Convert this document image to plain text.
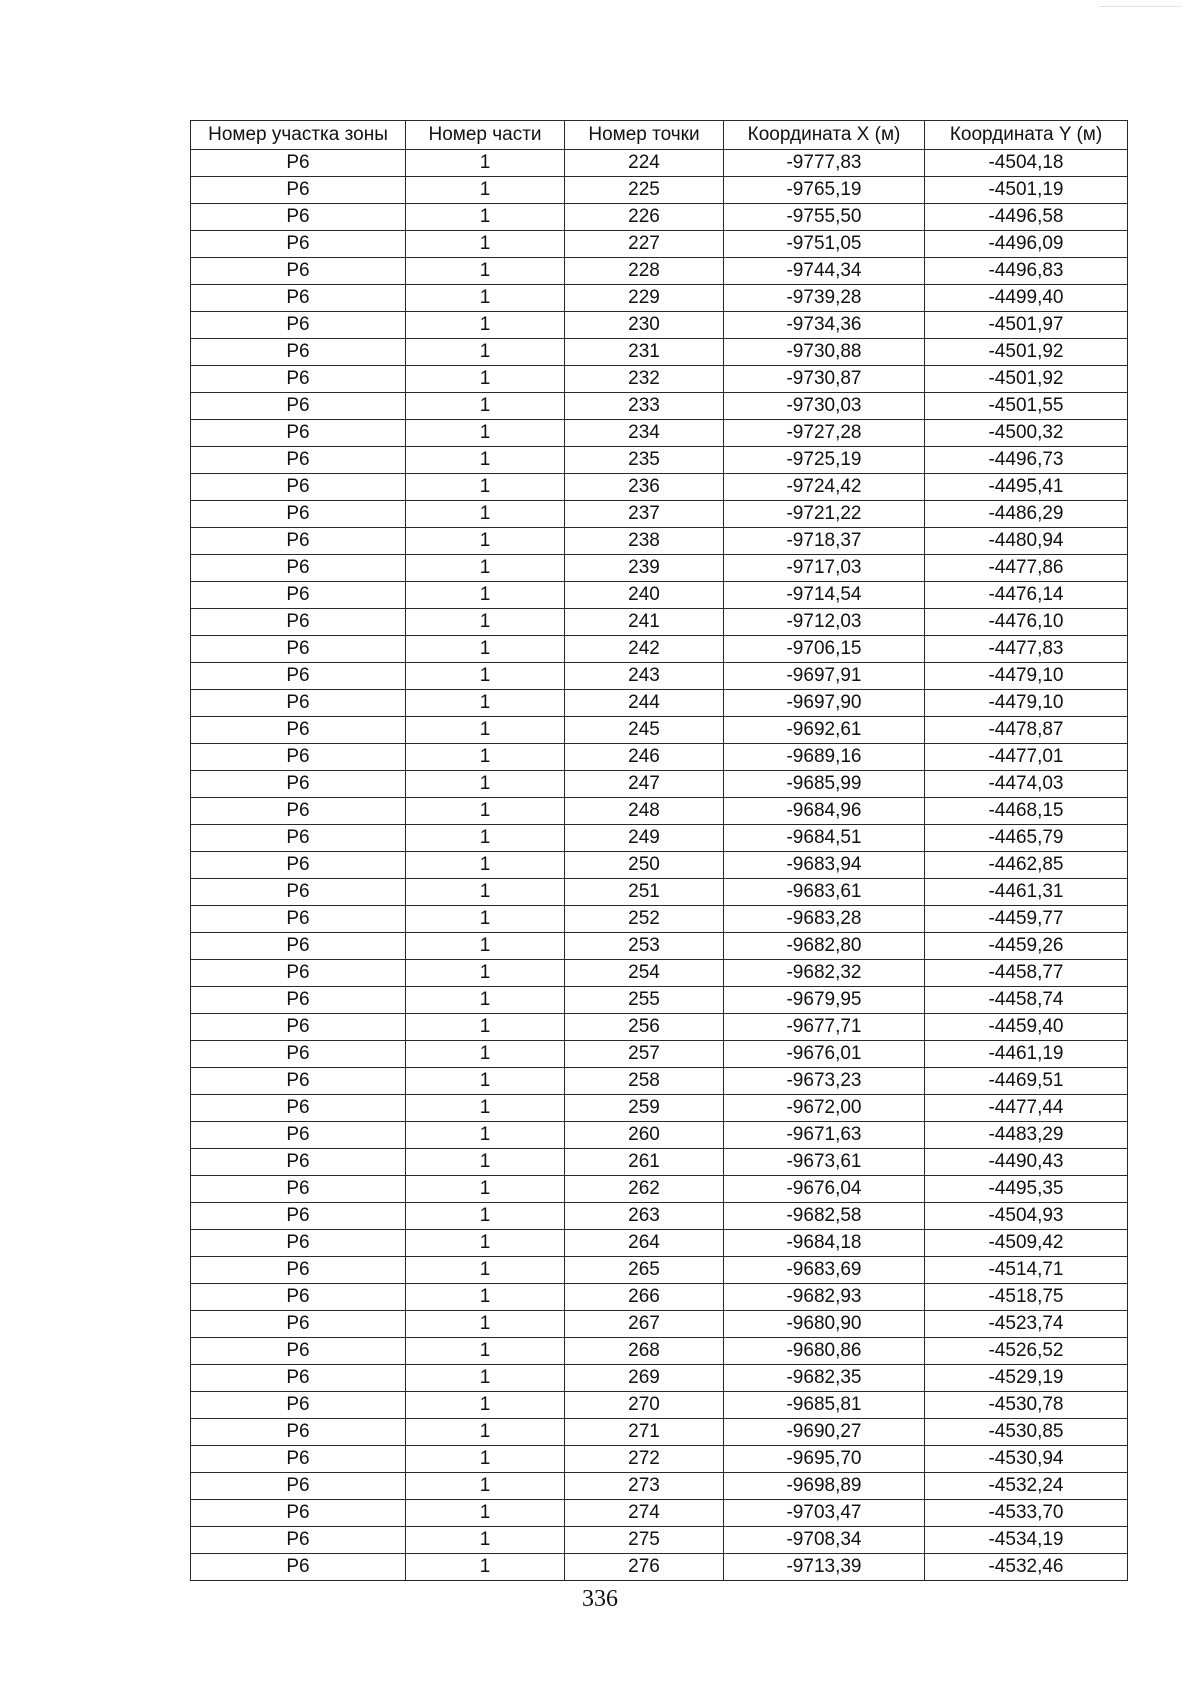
Номер участка зоны	Номер части	Номер точки	Координата X (м)	Координата Y (м)
Р6	1	224	-9777,83	-4504,18
Р6	1	225	-9765,19	-4501,19
Р6	1	226	-9755,50	-4496,58
Р6	1	227	-9751,05	-4496,09
Р6	1	228	-9744,34	-4496,83
Р6	1	229	-9739,28	-4499,40
Р6	1	230	-9734,36	-4501,97
Р6	1	231	-9730,88	-4501,92
Р6	1	232	-9730,87	-4501,92
Р6	1	233	-9730,03	-4501,55
Р6	1	234	-9727,28	-4500,32
Р6	1	235	-9725,19	-4496,73
Р6	1	236	-9724,42	-4495,41
Р6	1	237	-9721,22	-4486,29
Р6	1	238	-9718,37	-4480,94
Р6	1	239	-9717,03	-4477,86
Р6	1	240	-9714,54	-4476,14
Р6	1	241	-9712,03	-4476,10
Р6	1	242	-9706,15	-4477,83
Р6	1	243	-9697,91	-4479,10
Р6	1	244	-9697,90	-4479,10
Р6	1	245	-9692,61	-4478,87
Р6	1	246	-9689,16	-4477,01
Р6	1	247	-9685,99	-4474,03
Р6	1	248	-9684,96	-4468,15
Р6	1	249	-9684,51	-4465,79
Р6	1	250	-9683,94	-4462,85
Р6	1	251	-9683,61	-4461,31
Р6	1	252	-9683,28	-4459,77
Р6	1	253	-9682,80	-4459,26
Р6	1	254	-9682,32	-4458,77
Р6	1	255	-9679,95	-4458,74
Р6	1	256	-9677,71	-4459,40
Р6	1	257	-9676,01	-4461,19
Р6	1	258	-9673,23	-4469,51
Р6	1	259	-9672,00	-4477,44
Р6	1	260	-9671,63	-4483,29
Р6	1	261	-9673,61	-4490,43
Р6	1	262	-9676,04	-4495,35
Р6	1	263	-9682,58	-4504,93
Р6	1	264	-9684,18	-4509,42
Р6	1	265	-9683,69	-4514,71
Р6	1	266	-9682,93	-4518,75
Р6	1	267	-9680,90	-4523,74
Р6	1	268	-9680,86	-4526,52
Р6	1	269	-9682,35	-4529,19
Р6	1	270	-9685,81	-4530,78
Р6	1	271	-9690,27	-4530,85
Р6	1	272	-9695,70	-4530,94
Р6	1	273	-9698,89	-4532,24
Р6	1	274	-9703,47	-4533,70
Р6	1	275	-9708,34	-4534,19
Р6	1	276	-9713,39	-4532,46
336
